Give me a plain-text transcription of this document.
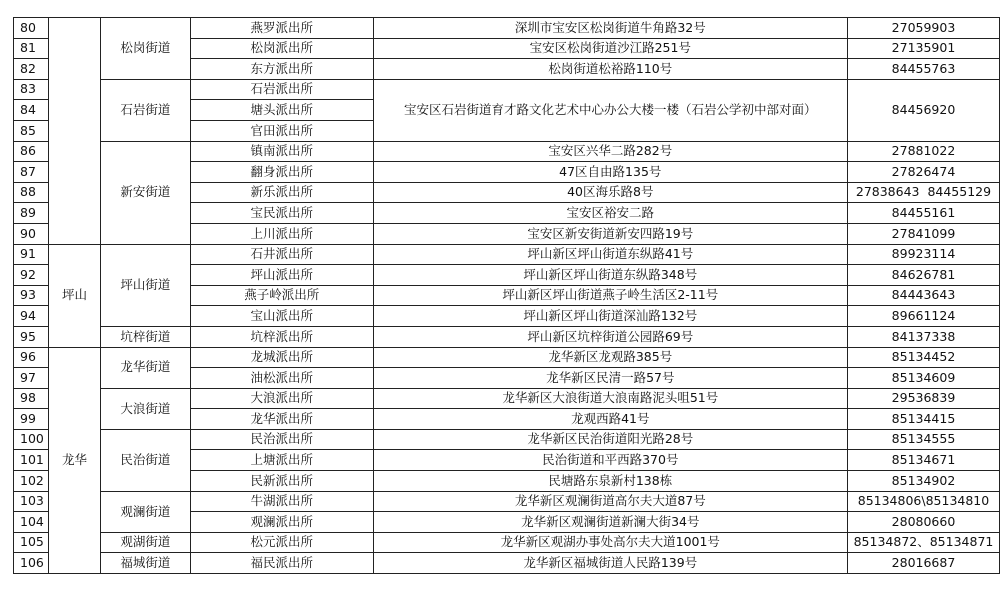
80		松岗街道	燕罗派出所	深圳市宝安区松岗街道牛角路32号	27059903
81			松岗派出所	宝安区松岗街道沙江路251号	27135901
82			东方派出所	松岗街道松裕路110号	84455763
83		石岩街道	石岩派出所	宝安区石岩街道育才路文化艺术中心办公大楼一楼（石岩公学初中部对面）	84456920
84			塘头派出所		
85			官田派出所		
86		新安街道	镇南派出所	宝安区兴华二路282号	27881022
87			翻身派出所	47区自由路135号	27826474
88			新乐派出所	40区海乐路8号	27838643  84455129
89			宝民派出所	宝安区裕安二路	84455161
90			上川派出所	宝安区新安街道新安四路19号	27841099
91	坪山	坪山街道	石井派出所	坪山新区坪山街道东纵路41号	89923114
92			坪山派出所	坪山新区坪山街道东纵路348号	84626781
93			燕子岭派出所	坪山新区坪山街道燕子岭生活区2-11号	84443643
94			宝山派出所	坪山新区坪山街道深汕路132号	89661124
95		坑梓街道	坑梓派出所	坪山新区坑梓街道公园路69号	84137338
96	龙华	龙华街道	龙城派出所	龙华新区龙观路385号	85134452
97			油松派出所	龙华新区民清一路57号	85134609
98		大浪街道	大浪派出所	龙华新区大浪街道大浪南路泥头咀51号	29536839
99			龙华派出所	龙观西路41号	85134415
100		民治街道	民治派出所	龙华新区民治街道阳光路28号	85134555
101			上塘派出所	民治街道和平西路370号	85134671
102			民新派出所	民塘路东泉新村138栋	85134902
103		观澜街道	牛湖派出所	龙华新区观澜街道高尔夫大道87号	85134806\85134810
104			观澜派出所	龙华新区观澜街道新澜大街34号	28080660
105		观湖街道	松元派出所	龙华新区观湖办事处高尔夫大道1001号	85134872、85134871
106		福城街道	福民派出所	龙华新区福城街道人民路139号	28016687
